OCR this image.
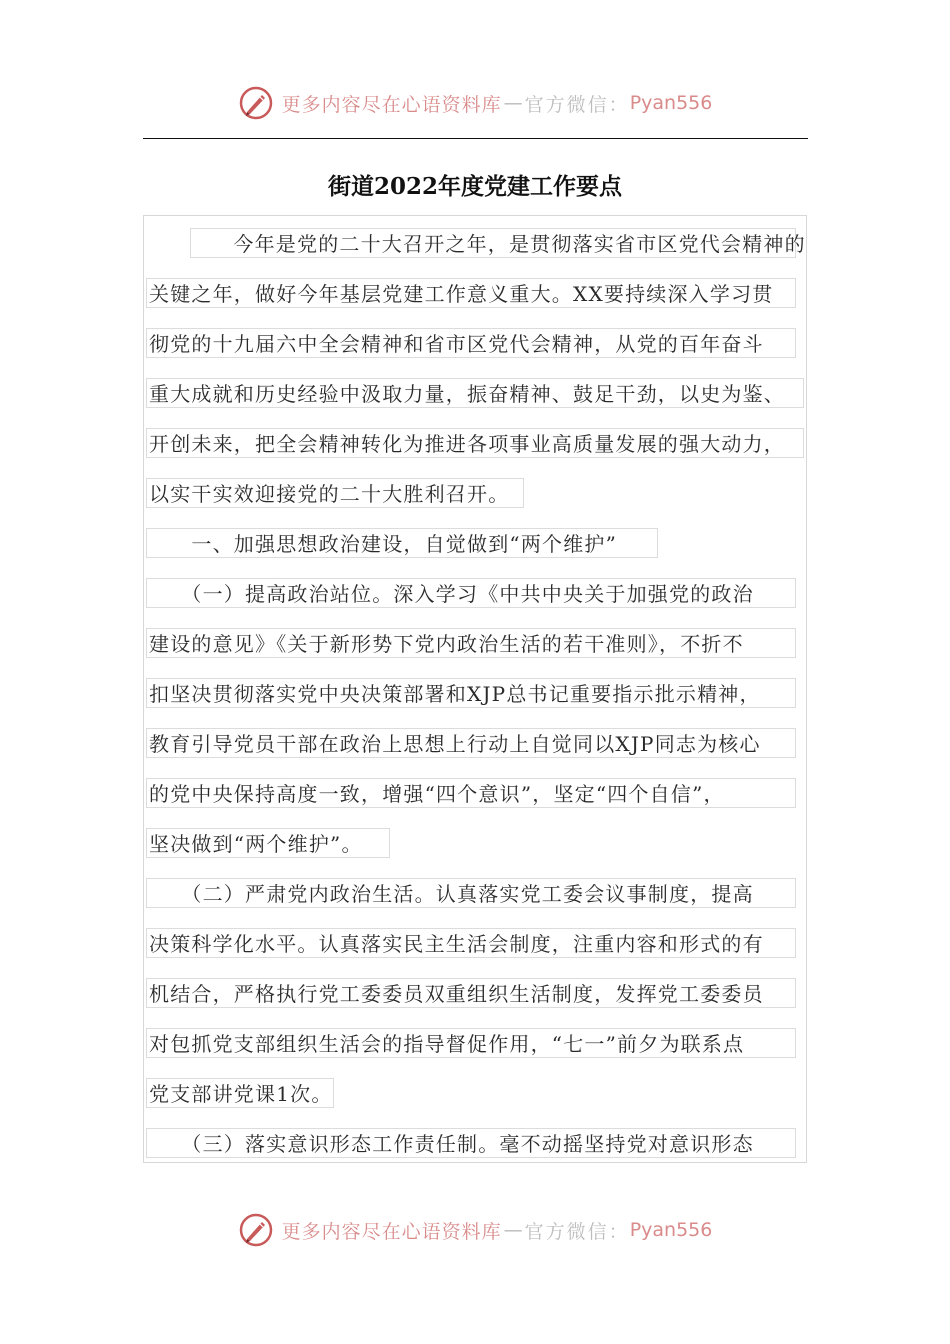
更多内容尽在心语资料库 — 官方微信： Pyan556
街道2022年度党建工作要点
　　今年是党的二十大召开之年，是贯彻落实省市区党代会精神的
关键之年，做好今年基层党建工作意义重大。XX要持续深入学习贯
彻党的十九届六中全会精神和省市区党代会精神，从党的百年奋斗
重大成就和历史经验中汲取力量，振奋精神、鼓足干劲，以史为鉴、
开创未来，把全会精神转化为推进各项事业高质量发展的强大动力，
以实干实效迎接党的二十大胜利召开。
　　一、加强思想政治建设，自觉做到“两个维护”
　　（一）提高政治站位。深入学习《中共中央关于加强党的政治
建设的意见》《关于新形势下党内政治生活的若干准则》，不折不
扣坚决贯彻落实党中央决策部署和XJP总书记重要指示批示精神，
教育引导党员干部在政治上思想上行动上自觉同以XJP同志为核心
的党中央保持高度一致，增强“四个意识”，坚定“四个自信”，
坚决做到“两个维护”。
　　（二）严肃党内政治生活。认真落实党工委会议事制度，提高
决策科学化水平。认真落实民主生活会制度，注重内容和形式的有
机结合，严格执行党工委委员双重组织生活制度，发挥党工委委员
对包抓党支部组织生活会的指导督促作用，“七一”前夕为联系点
党支部讲党课1次。
　　（三）落实意识形态工作责任制。毫不动摇坚持党对意识形态
更多内容尽在心语资料库 — 官方微信： Pyan556
